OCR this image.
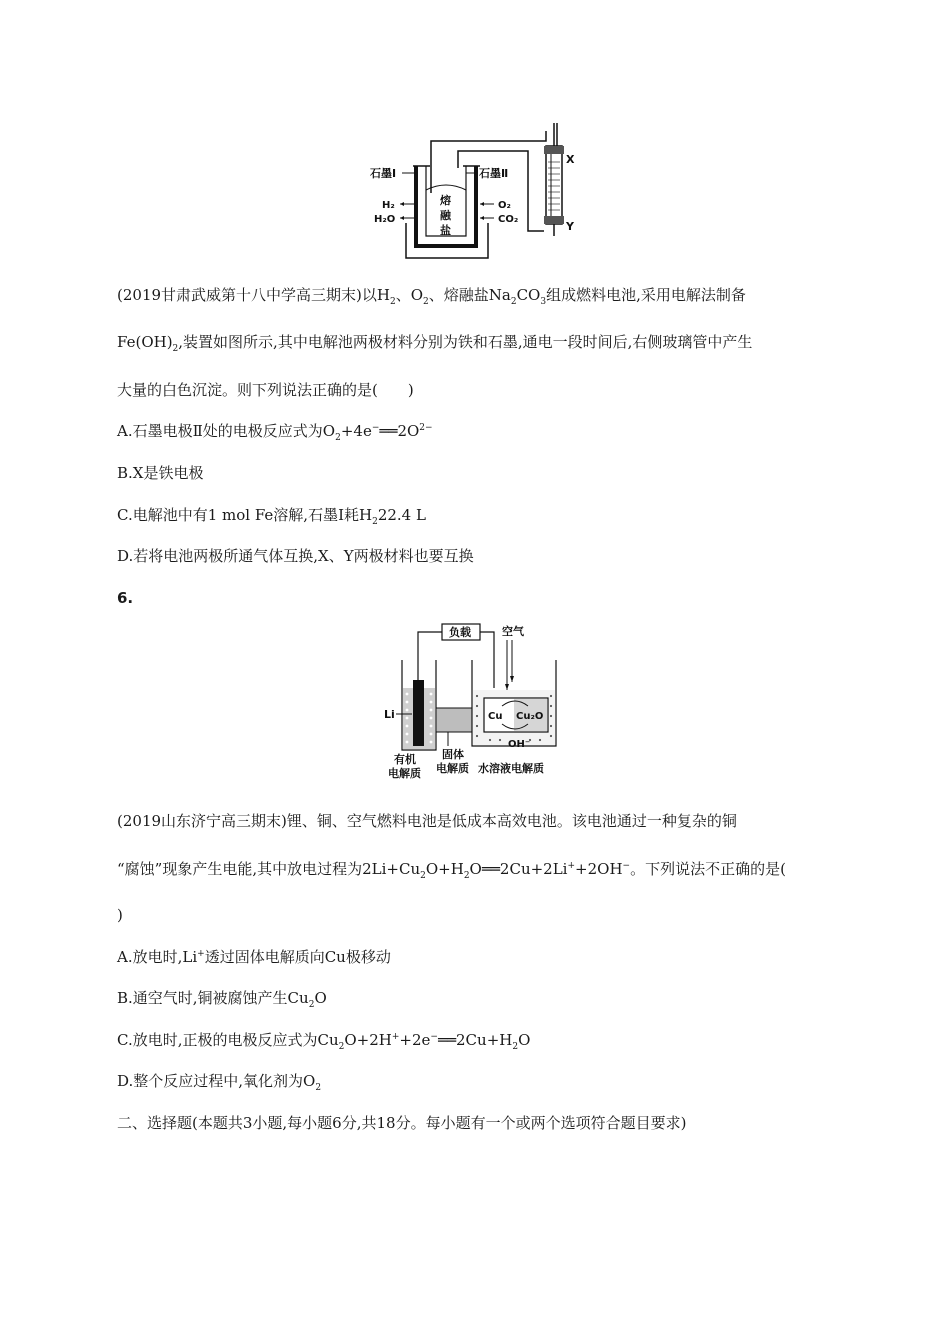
熔
融
盐
石墨Ⅰ
H₂
H₂O
石墨Ⅱ
O₂
CO₂
X
Y
(2019甘肃武威第十八中学高三期末)以$H_2$、$O_2$、熔融盐$Na_2CO_3$组成燃料电池,采用电解法制备
$Fe(OH)_2$,装置如图所示,其中电解池两极材料分别为铁和石墨,通电一段时间后,右侧玻璃管中产生
大量的白色沉淀。则下列说法正确的是(　　)
A.石墨电极Ⅱ处的电极反应式为$O_2+4e^-══2O^{2-}$
B.X是铁电极
C.电解池中有1 mol Fe溶解,石墨Ⅰ耗$H_222.4$ L
D.若将电池两极所通气体互换,X、Y两极材料也要互换
6.
负载	空气
Li	Cu Cu₂O
OH⁻
有机
电解质
固体
电解质 水溶液电解质
(2019山东济宁高三期末)锂、铜、空气燃料电池是低成本高效电池。该电池通过一种复杂的铜
“腐蚀”现象产生电能,其中放电过程为$2Li+Cu_2O+H_2O══2Cu+2Li^++2OH^-$。下列说法不正确的是(
)
A.放电时,Li+透过固体电解质向Cu极移动
B.通空气时,铜被腐蚀产生$Cu_2O$
C.放电时,正极的电极反应式为$Cu_2O+2H^++2e^-══2Cu+H_2O$
D.整个反应过程中,氧化剂为$O_2$
二、选择题(本题共3小题,每小题6分,共18分。每小题有一个或两个选项符合题目要求)
